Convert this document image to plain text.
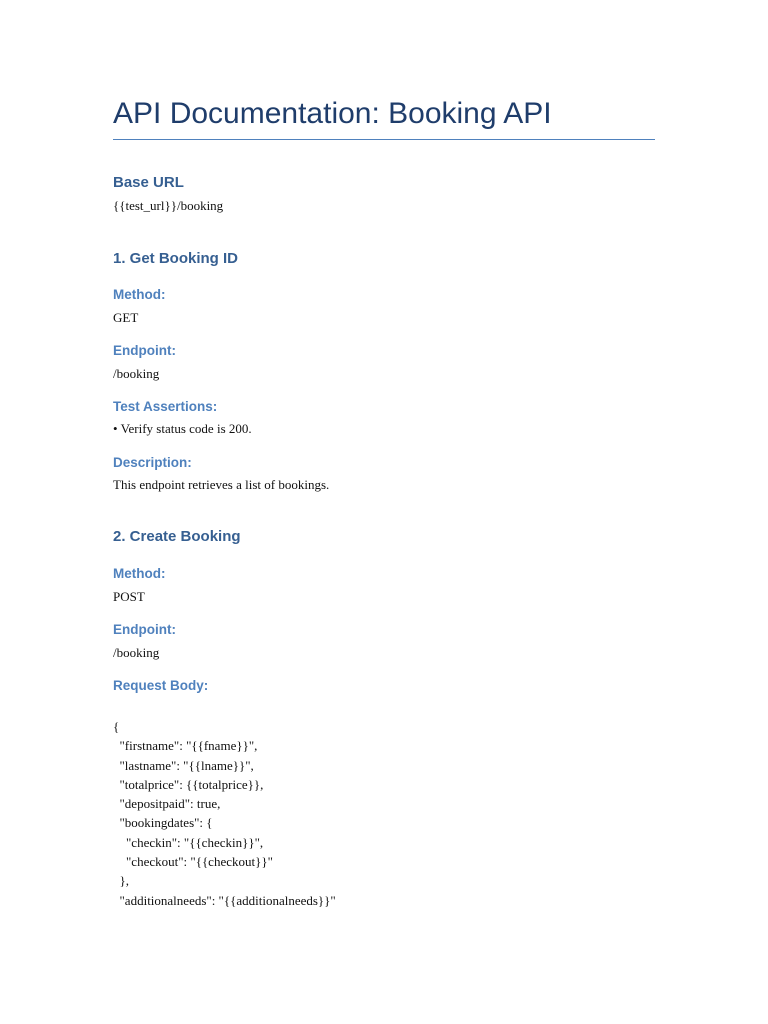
API Documentation: Booking API
Base URL

{{test_url}}/booking

1. Get Booking ID
Method:

GET

Endpoint:

/booking

Test Assertions:

• Verify status code is 200.

Description:

This endpoint retrieves a list of bookings.

2. Create Booking
Method:

POST

Endpoint:

/booking

Request Body:
{
"firstname": "{{fname}}",
"lastname": "{{lname}}",
"totalprice": {{totalprice}},
"depositpaid": true,
"bookingdates": {
"checkin": "{{checkin}}",
"checkout": "{{checkout}}"
},
"additionalneeds": "{{additionalneeds}}"
